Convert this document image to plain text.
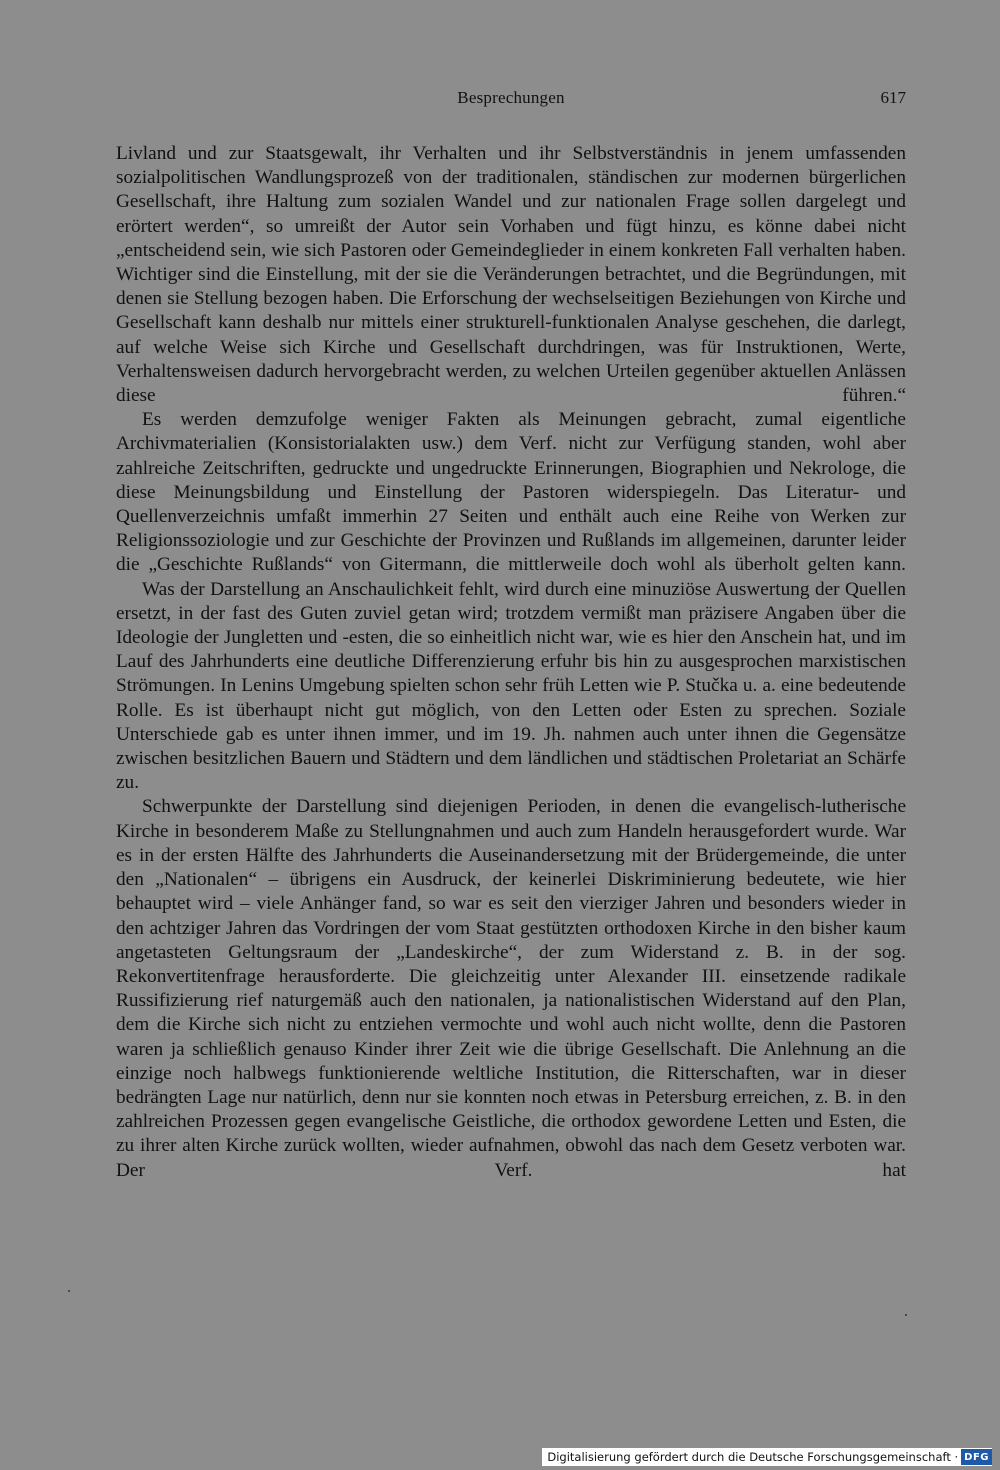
Besprechungen	617

Livland und zur Staatsgewalt, ihr Verhalten und ihr Selbstverständnis in jenem umfassenden sozialpolitischen Wandlungsprozeß von der traditionalen, ständischen zur modernen bürgerlichen Gesellschaft, ihre Haltung zum sozialen Wandel und zur nationalen Frage sollen dargelegt und erörtert werden“, so umreißt der Autor sein Vorhaben und fügt hinzu, es könne dabei nicht „entscheidend sein, wie sich Pastoren oder Gemeindeglieder in einem konkreten Fall verhalten haben. Wichtiger sind die Einstellung, mit der sie die Veränderungen betrachtet, und die Begründungen, mit denen sie Stellung bezogen haben. Die Erforschung der wechselseitigen Beziehungen von Kirche und Gesellschaft kann deshalb nur mittels einer strukturell-funktionalen Analyse geschehen, die darlegt, auf welche Weise sich Kirche und Gesellschaft durchdringen, was für Instruktionen, Werte, Verhaltensweisen dadurch hervorgebracht werden, zu welchen Urteilen gegenüber aktuellen Anlässen diese führen.“

Es werden demzufolge weniger Fakten als Meinungen gebracht, zumal eigentliche Archivmaterialien (Konsistorialakten usw.) dem Verf. nicht zur Verfügung standen, wohl aber zahlreiche Zeitschriften, gedruckte und ungedruckte Erinnerungen, Biographien und Nekrologe, die diese Meinungsbildung und Einstellung der Pastoren widerspiegeln. Das Literatur- und Quellenverzeichnis umfaßt immerhin 27 Seiten und enthält auch eine Reihe von Werken zur Religionssoziologie und zur Geschichte der Provinzen und Rußlands im allgemeinen, darunter leider die „Geschichte Rußlands“ von Gitermann, die mittlerweile doch wohl als überholt gelten kann.

Was der Darstellung an Anschaulichkeit fehlt, wird durch eine minuziöse Auswertung der Quellen ersetzt, in der fast des Guten zuviel getan wird; trotzdem vermißt man präzisere Angaben über die Ideologie der Jungletten und -esten, die so einheitlich nicht war, wie es hier den Anschein hat, und im Lauf des Jahrhunderts eine deutliche Differenzierung erfuhr bis hin zu ausgesprochen marxistischen Strömungen. In Lenins Umgebung spielten schon sehr früh Letten wie P. Stučka u. a. eine bedeutende Rolle. Es ist überhaupt nicht gut möglich, von den Letten oder Esten zu sprechen. Soziale Unterschiede gab es unter ihnen immer, und im 19. Jh. nahmen auch unter ihnen die Gegensätze zwischen besitzlichen Bauern und Städtern und dem ländlichen und städtischen Proletariat an Schärfe zu.

Schwerpunkte der Darstellung sind diejenigen Perioden, in denen die evangelisch-lutherische Kirche in besonderem Maße zu Stellungnahmen und auch zum Handeln herausgefordert wurde. War es in der ersten Hälfte des Jahrhunderts die Auseinandersetzung mit der Brüdergemeinde, die unter den „Nationalen“ – übrigens ein Ausdruck, der keinerlei Diskriminierung bedeutete, wie hier behauptet wird – viele Anhänger fand, so war es seit den vierziger Jahren und besonders wieder in den achtziger Jahren das Vordringen der vom Staat gestützten orthodoxen Kirche in den bisher kaum angetasteten Geltungsraum der „Landeskirche“, der zum Widerstand z. B. in der sog. Rekonvertitenfrage herausforderte. Die gleichzeitig unter Alexander III. einsetzende radikale Russifizierung rief naturgemäß auch den nationalen, ja nationalistischen Widerstand auf den Plan, dem die Kirche sich nicht zu entziehen vermochte und wohl auch nicht wollte, denn die Pastoren waren ja schließlich genauso Kinder ihrer Zeit wie die übrige Gesellschaft. Die Anlehnung an die einzige noch halbwegs funktionierende weltliche Institution, die Ritterschaften, war in dieser bedrängten Lage nur natürlich, denn nur sie konnten noch etwas in Petersburg erreichen, z. B. in den zahlreichen Prozessen gegen evangelische Geistliche, die orthodox gewordene Letten und Esten, die zu ihrer alten Kirche zurück wollten, wieder aufnahmen, obwohl das nach dem Gesetz verboten war. Der Verf. hat

Digitalisierung gefördert durch die Deutsche Forschungsgemeinschaft · DFG
